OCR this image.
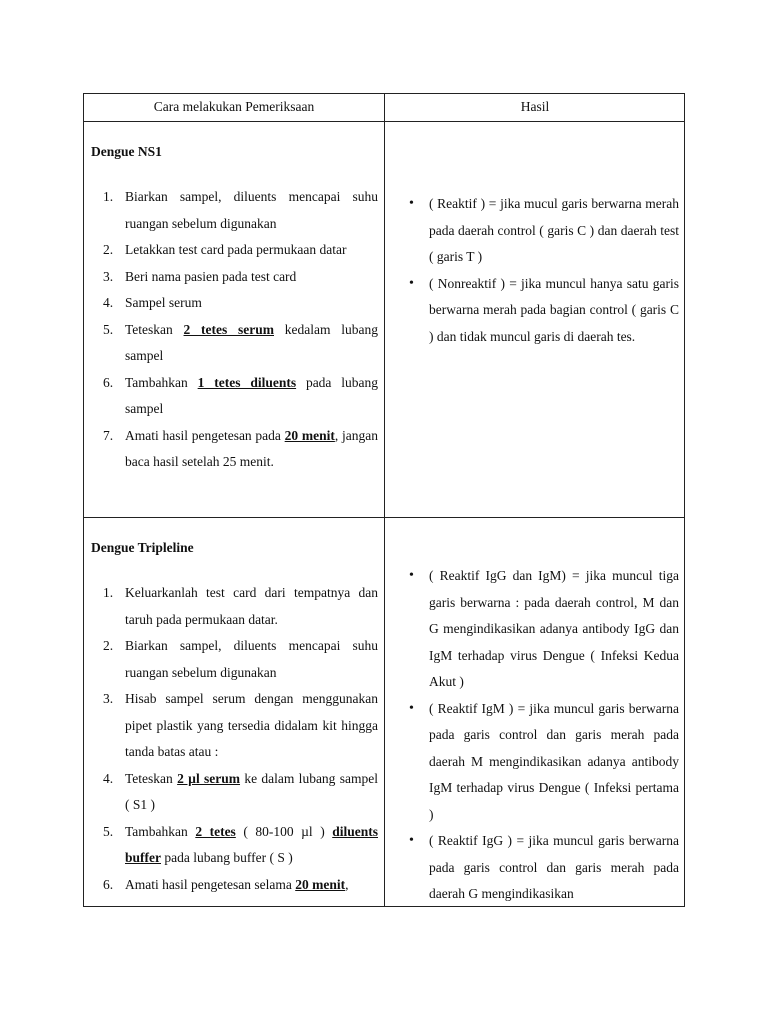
Cara melakukan Pemeriksaan	Hasil

Dengue NS1

1. Biarkan sampel, diluents mencapai suhu ruangan sebelum digunakan
2. Letakkan test card pada permukaan datar
3. Beri nama pasien pada test card
4. Sampel serum
5. Teteskan 2 tetes serum kedalam lubang sampel
6. Tambahkan 1 tetes diluents pada lubang sampel
7. Amati hasil pengetesan pada 20 menit, jangan baca hasil setelah 25 menit.
• ( Reaktif ) = jika mucul garis berwarna merah pada daerah control ( garis C ) dan daerah test ( garis T )
• ( Nonreaktif ) = jika muncul hanya satu garis berwarna merah pada bagian control ( garis C ) dan tidak muncul garis di daerah tes.

Dengue Tripleline

1. Keluarkanlah test card dari tempatnya dan taruh pada permukaan datar.
2. Biarkan sampel, diluents mencapai suhu ruangan sebelum digunakan
3. Hisab sampel serum dengan menggunakan pipet plastik yang tersedia didalam kit hingga tanda batas atau :
4. Teteskan 2 µl serum ke dalam lubang sampel ( S1 )
5. Tambahkan 2 tetes ( 80-100 µl ) diluents buffer pada lubang buffer ( S )
6. Amati hasil pengetesan selama 20 menit,
• ( Reaktif IgG dan IgM) = jika muncul tiga garis berwarna : pada daerah control, M dan G mengindikasikan adanya antibody IgG dan IgM terhadap virus Dengue ( Infeksi Kedua Akut )
• ( Reaktif IgM ) = jika muncul garis berwarna pada garis control dan garis merah pada daerah M mengindikasikan adanya antibody IgM terhadap virus Dengue ( Infeksi pertama )
• ( Reaktif IgG ) = jika muncul garis berwarna pada garis control dan garis merah pada daerah G mengindikasikan
